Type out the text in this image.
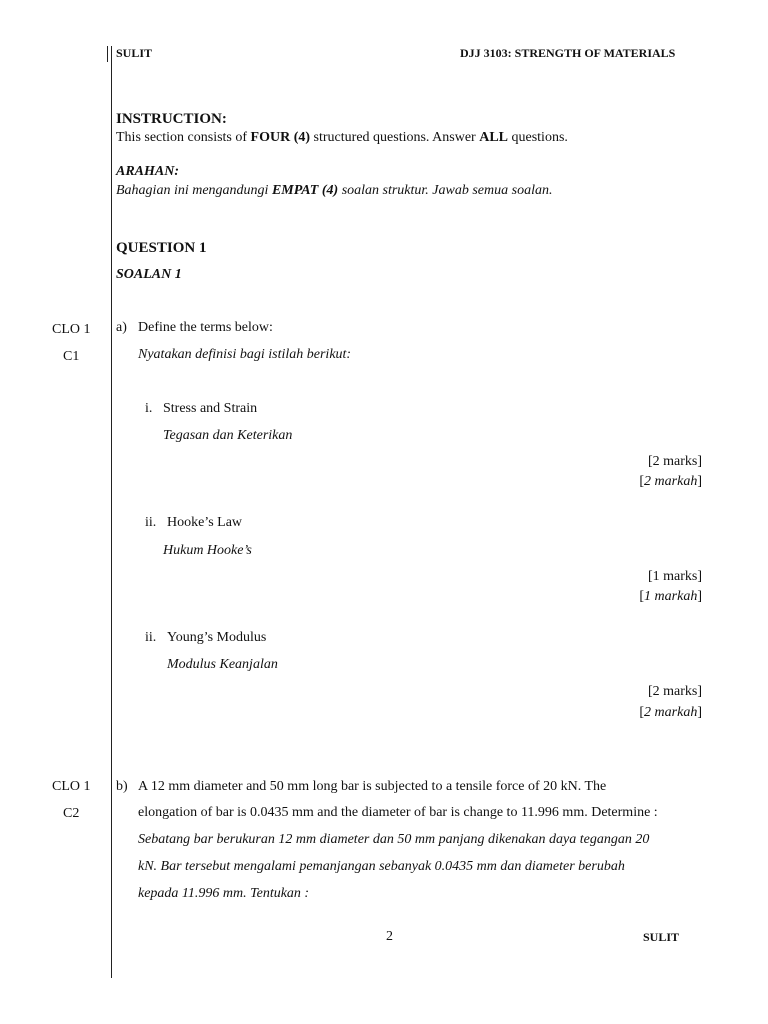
SULIT	DJJ 3103: STRENGTH OF MATERIALS
INSTRUCTION:
This section consists of FOUR (4) structured questions. Answer ALL questions.
ARAHAN:
Bahagian ini mengandungi EMPAT (4) soalan struktur. Jawab semua soalan.
QUESTION 1
SOALAN 1
CLO 1
C1
a) Define the terms below:
Nyatakan definisi bagi istilah berikut:
i. Stress and Strain
Tegasan dan Keterikan
[2 marks]
[2 markah]
ii. Hooke’s Law
Hukum Hooke’s
[1 marks]
[1 markah]
ii. Young’s Modulus
Modulus Keanjalan
[2 marks]
[2 markah]
CLO 1
C2
b) A 12 mm diameter and 50 mm long bar is subjected to a tensile force of 20 kN. The
elongation of bar is 0.0435 mm and the diameter of bar is change to 11.996 mm. Determine :
Sebatang bar berukuran 12 mm diameter dan 50 mm panjang dikenakan daya tegangan 20
kN. Bar tersebut mengalami pemanjangan sebanyak 0.0435 mm dan diameter berubah
kepada 11.996 mm. Tentukan :
2	SULIT
